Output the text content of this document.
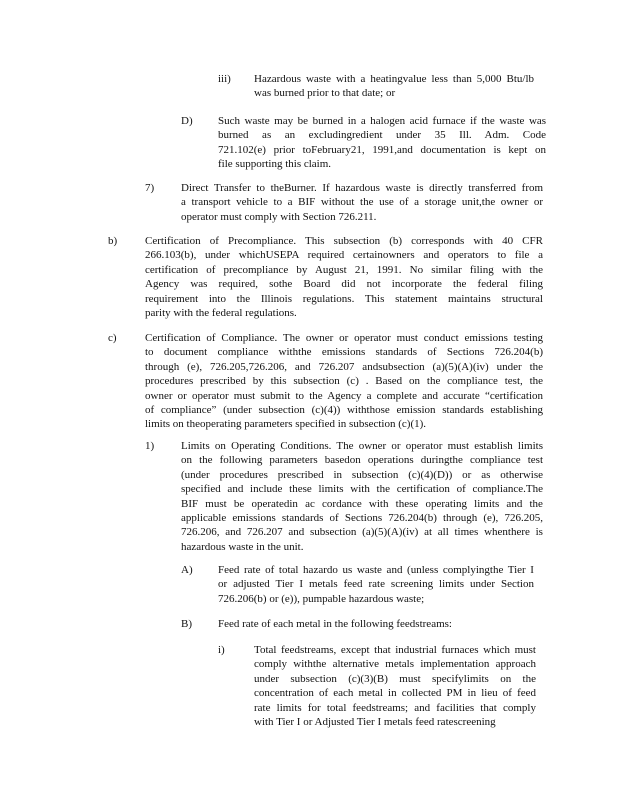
iii) Hazardous waste with a heatingvalue less than 5,000 Btu/lb
was burned prior to that date; or
D) Such waste may be burned in a halogen acid furnace if the waste was
burned as an excludingredient under 35 Ill. Adm. Code
721.102(e) prior toFebruary21, 1991,and documentation is kept on
file supporting this claim.
7) Direct Transfer to theBurner. If hazardous waste is directly transferred from
a transport vehicle to a BIF without the use of a storage unit,the owner or
operator must comply with Section 726.211.
b)	Certification of Precompliance. This subsection (b) corresponds with 40 CFR
266.103(b), under whichUSEPA required certainowners and operators to file a
certification of precompliance by August 21, 1991. No similar filing with the
Agency was required, sothe Board did not incorporate the federal filing
requirement into the Illinois regulations. This statement maintains structural
parity with the federal regulations.
c)	Certification of Compliance. The owner or operator must conduct emissions testing
to document compliance withthe emissions standards of Sections 726.204(b)
through (e), 726.205,726.206, and 726.207 andsubsection (a)(5)(A)(iv) under the
procedures prescribed by this subsection (c) . Based on the compliance test, the
owner or operator must submit to the Agency a complete and accurate “certification
of compliance” (under subsection (c)(4)) withthose emission standards establishing
limits on theoperating parameters specified in subsection (c)(1).
1) Limits on Operating Conditions. The owner or operator must establish limits
on the following parameters basedon operations duringthe compliance test
(under procedures prescribed in subsection (c)(4)(D)) or as otherwise
specified and include these limits with the certification of compliance.The
BIF must be operatedin ac cordance with these operating limits and the
applicable emissions standards of Sections 726.204(b) through (e), 726.205,
726.206, and 726.207 and subsection (a)(5)(A)(iv) at all times whenthere is
hazardous waste in the unit.
A) Feed rate of total hazardo us waste and (unless complyingthe Tier I
or adjusted Tier I metals feed rate screening limits under Section
726.206(b) or (e)), pumpable hazardous waste;
B) Feed rate of each metal in the following feedstreams:
i)	Total feedstreams, except that industrial furnaces which must
comply withthe alternative metals implementation approach
under subsection (c)(3)(B) must specifylimits on the
concentration of each metal in collected PM in lieu of feed
rate limits for total feedstreams; and facilities that comply
with Tier I or Adjusted Tier I metals feed ratescreening
